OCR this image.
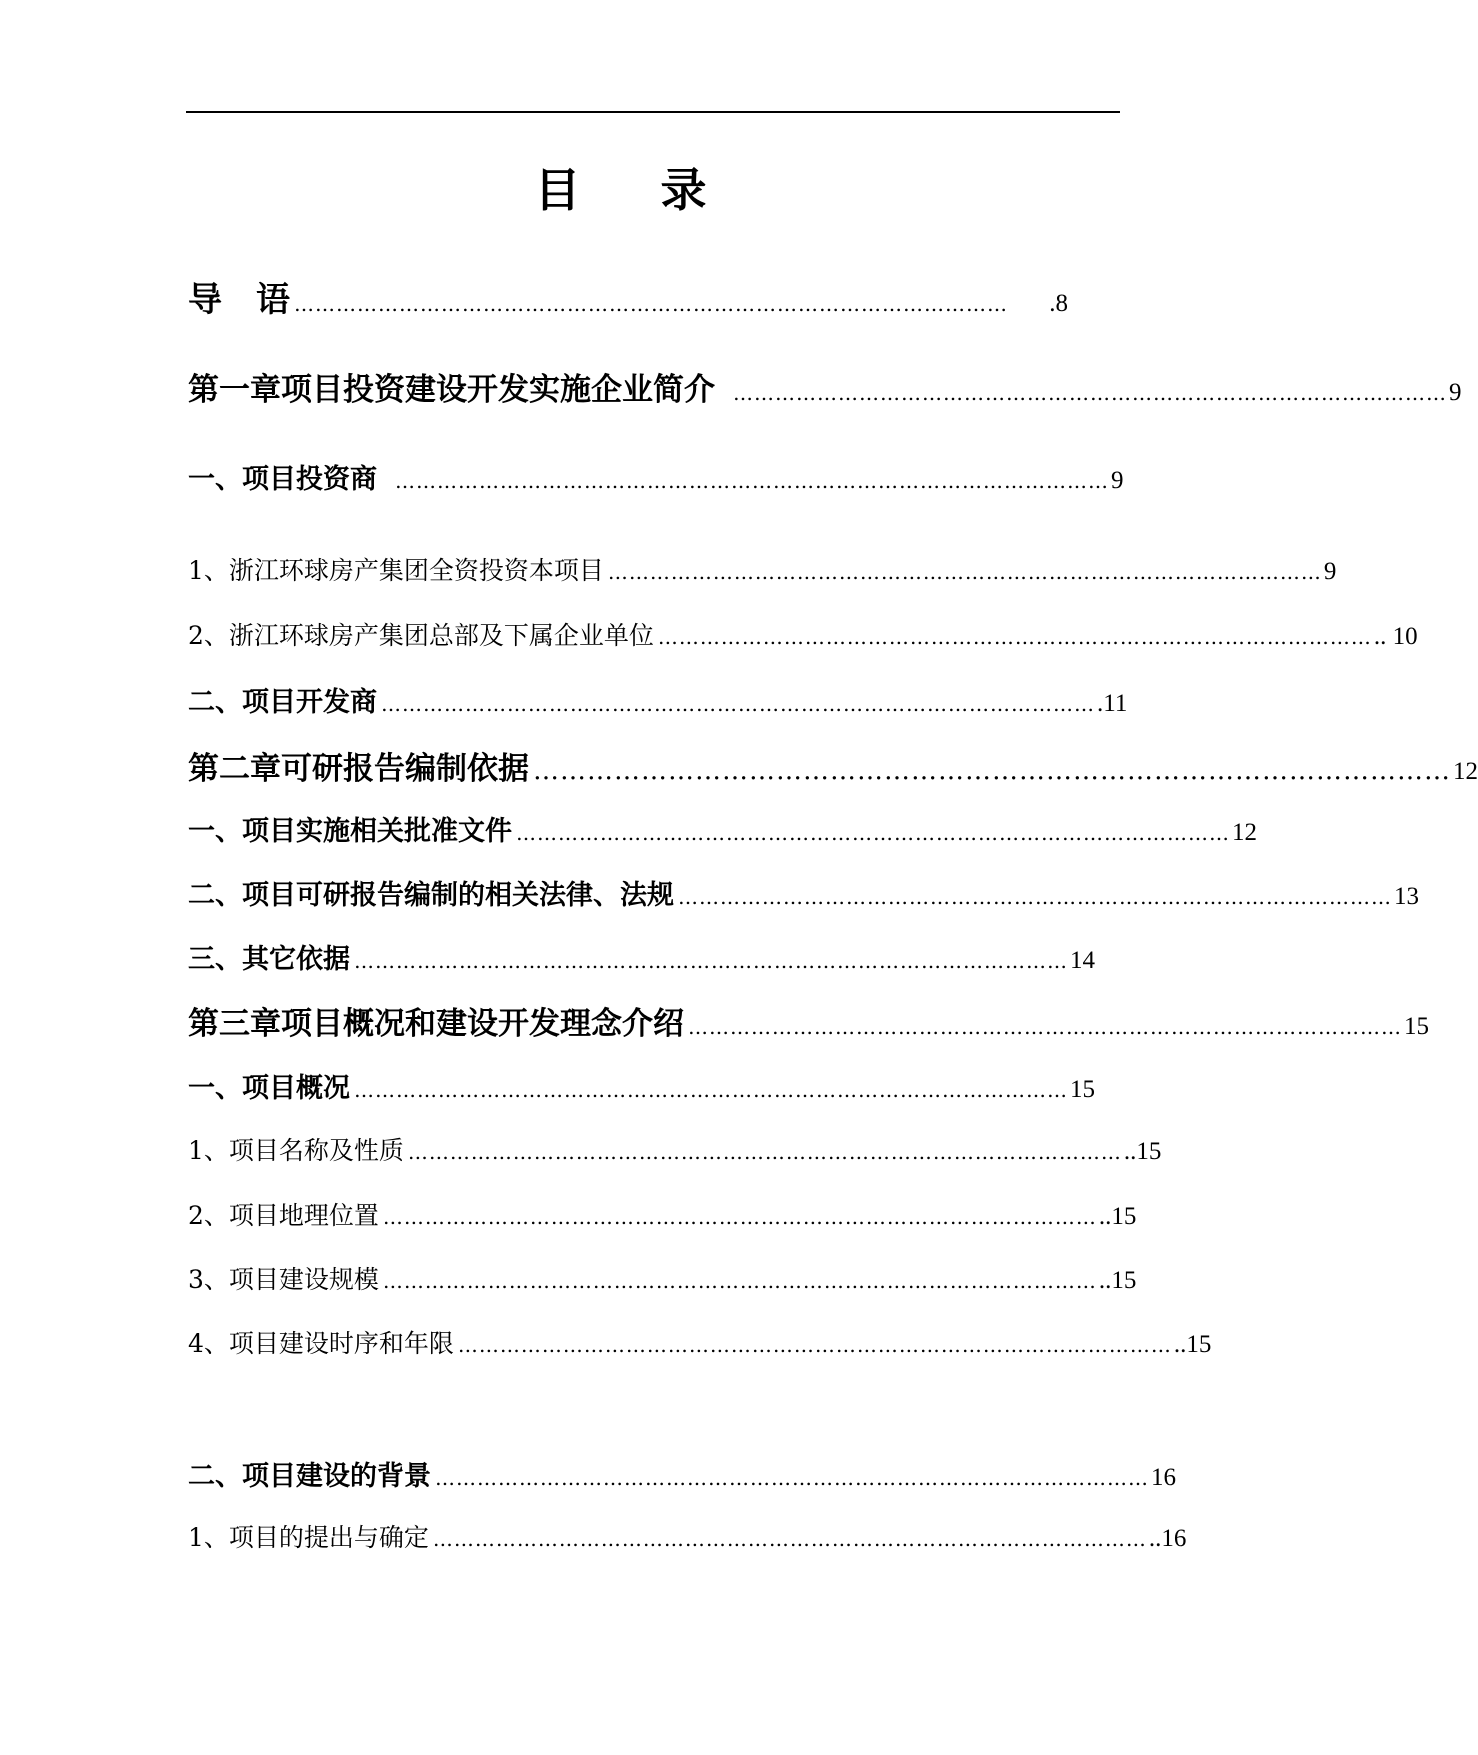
目 录
导　语 …………………………………………………………………………………………	.8
第一章 项目投资建设开发实施企业简介 ………………………………………………………………………………………… 9
一、项目投资商 ………………………………………………………………………………………… 9
1、浙江环球房产集团全资投资本项目 ………………………………………………………………………………………… 9
2、浙江环球房产集团总部及下属企业单位 ………………………………………………………………………………………… .. 10
二、项目开发商 ………………………………………………………………………………………… .11
第二章 可研报告编制依据 ………………………………………………………………………………………… 12
一、项目实施相关批准文件 ………………………………………………………………………………………… 12
二、项目可研报告编制的相关法律、法规 ………………………………………………………………………………………… 13
三、其它依据 ………………………………………………………………………………………… 14
第三章 项目概况和建设开发理念介绍 ………………………………………………………………………………………… 15
一、项目概况 ………………………………………………………………………………………… 15
1、项目名称及性质 ………………………………………………………………………………………… ..15
2、项目地理位置 ………………………………………………………………………………………… ..15
3、项目建设规模 ………………………………………………………………………………………… ..15
4、项目建设时序和年限 ………………………………………………………………………………………… ..15
二、项目建设的背景 ………………………………………………………………………………………… 16
1、项目的提出与确定 ………………………………………………………………………………………… ..16
